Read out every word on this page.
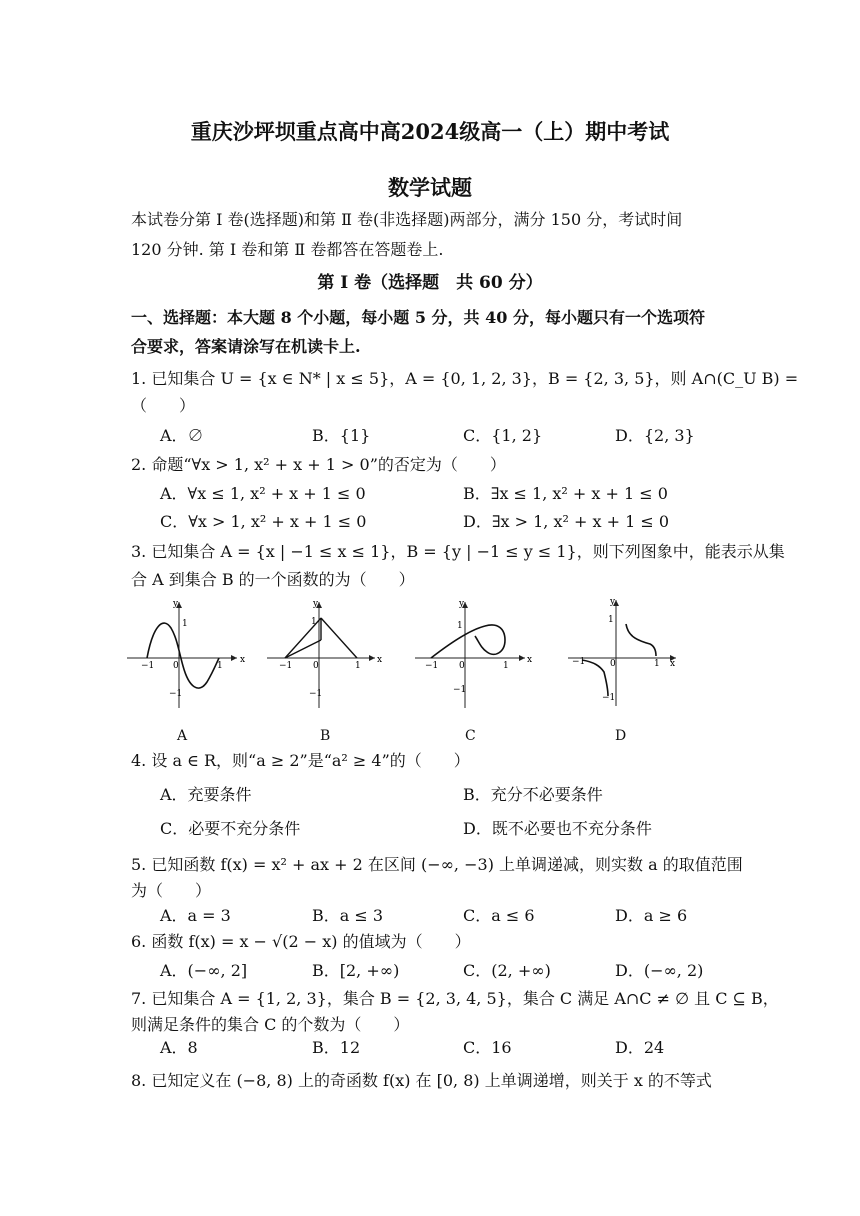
重庆沙坪坝重点高中高2024级高一（上）期中考试
数学试题
本试卷分第 Ⅰ 卷(选择题)和第 Ⅱ 卷(非选择题)两部分，满分 150 分，考试时间
120 分钟. 第 Ⅰ 卷和第 Ⅱ 卷都答在答题卷上.
第 Ⅰ 卷（选择题　共 60 分）
一、选择题：本大题 8 个小题，每小题 5 分，共 40 分，每小题只有一个选项符
合要求，答案请涂写在机读卡上.
1. 已知集合 U = {x ∈ N* | x ≤ 5}，A = {0, 1, 2, 3}，B = {2, 3, 5}，则 A∩(C_U B) =
（　　）
A．∅	B．{1}	C．{1, 2}	D．{2, 3}
2. 命题“∀x > 1, x² + x + 1 > 0”的否定为（　　）
A．∀x ≤ 1, x² + x + 1 ≤ 0	B．∃x ≤ 1, x² + x + 1 ≤ 0
C．∀x > 1, x² + x + 1 ≤ 0	D．∃x > 1, x² + x + 1 ≤ 0
3. 已知集合 A = {x | −1 ≤ x ≤ 1}，B = {y | −1 ≤ y ≤ 1}，则下列图象中，能表示从集
合 A 到集合 B 的一个函数的为（　　）
y
x
1
−1
−1 0	1
y
x
1
−1
−1 0	1
y
x
1
−1
−1 0	1
y
x
1
−1
−1	0	1
A	B	C	D
4. 设 a ∈ R，则“a ≥ 2”是“a² ≥ 4”的（　　）
A．充要条件	B．充分不必要条件
C．必要不充分条件	D．既不必要也不充分条件
5. 已知函数 f(x) = x² + ax + 2 在区间 (−∞, −3) 上单调递减，则实数 a 的取值范围
为（　　）
A．a = 3	B．a ≤ 3	C．a ≤ 6	D．a ≥ 6
6. 函数 f(x) = x − √(2 − x) 的值域为（　　）
A．(−∞, 2]	B．[2, +∞)	C．(2, +∞)	D．(−∞, 2)
7. 已知集合 A = {1, 2, 3}，集合 B = {2, 3, 4, 5}，集合 C 满足 A∩C ≠ ∅ 且 C ⊆ B，
则满足条件的集合 C 的个数为（　　）
A．8	B．12	C．16	D．24
8. 已知定义在 (−8, 8) 上的奇函数 f(x) 在 [0, 8) 上单调递增，则关于 x 的不等式
